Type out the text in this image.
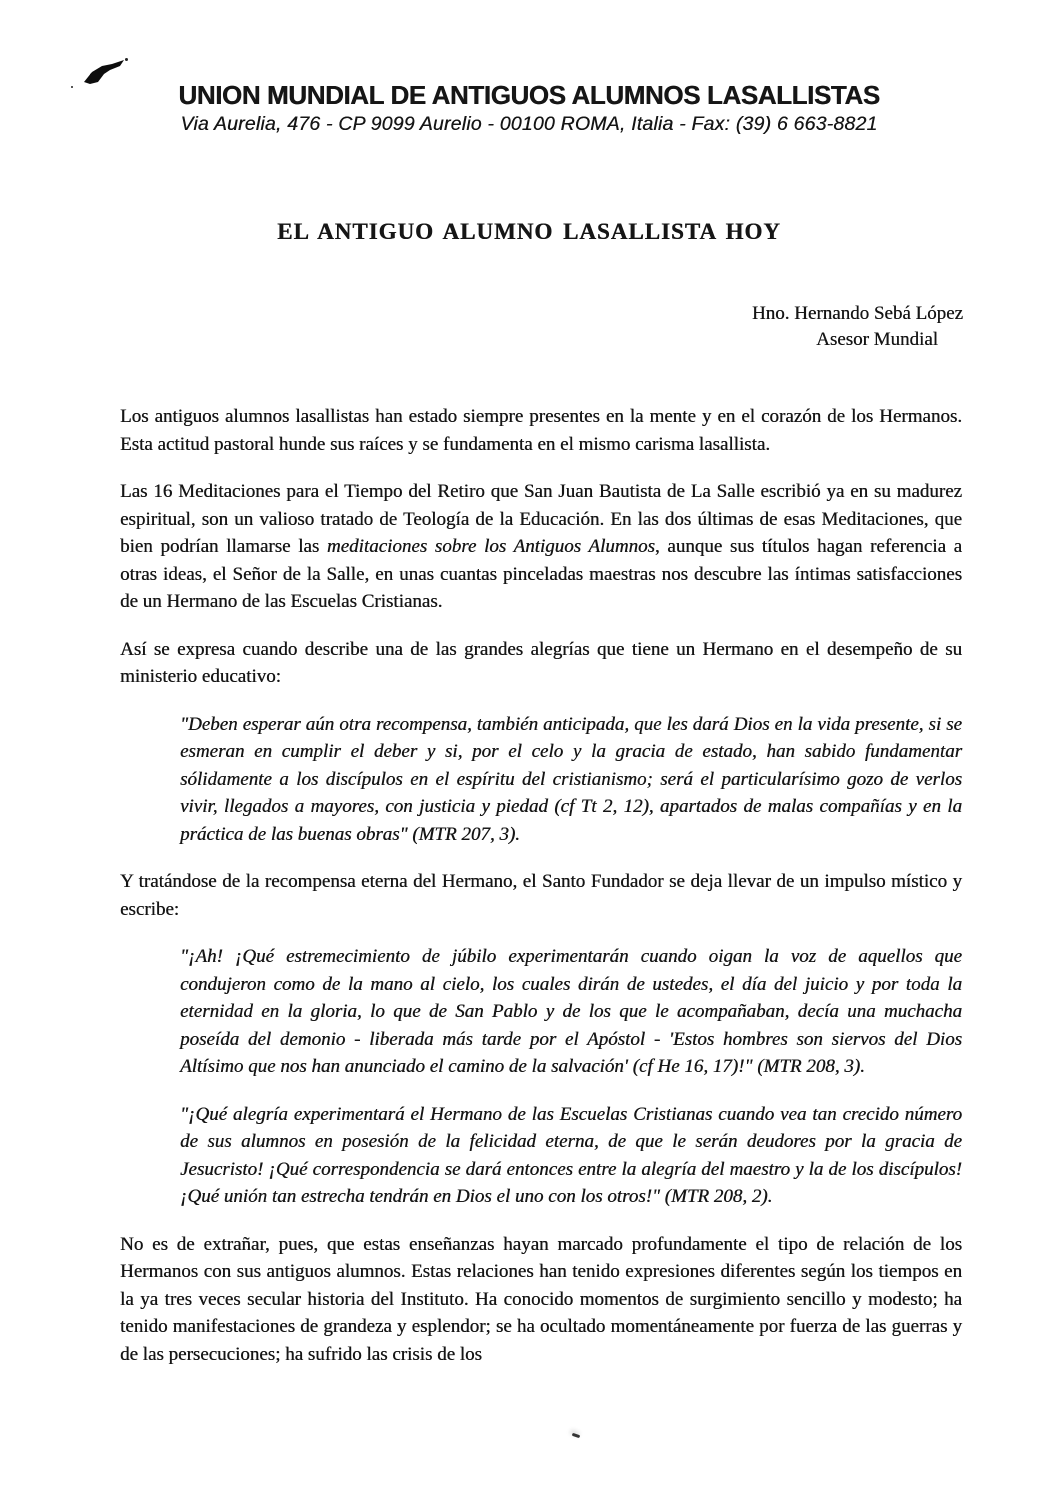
UNION MUNDIAL DE ANTIGUOS ALUMNOS LASALLISTAS
Via Aurelia, 476 - CP 9099 Aurelio - 00100 ROMA, Italia - Fax: (39) 6 663-8821
EL ANTIGUO ALUMNO LASALLISTA HOY
Hno. Hernando Sebá López
Asesor Mundial

Los antiguos alumnos lasallistas han estado siempre presentes en la mente y en el corazón de los Hermanos. Esta actitud pastoral hunde sus raíces y se fundamenta en el mismo carisma lasallista.

Las 16 Meditaciones para el Tiempo del Retiro que San Juan Bautista de La Salle escribió ya en su madurez espiritual, son un valioso tratado de Teología de la Educación. En las dos últimas de esas Meditaciones, que bien podrían llamarse las meditaciones sobre los Antiguos Alumnos, aunque sus títulos hagan referencia a otras ideas, el Señor de la Salle, en unas cuantas pinceladas maestras nos descubre las íntimas satisfacciones de un Hermano de las Escuelas Cristianas.

Así se expresa cuando describe una de las grandes alegrías que tiene un Hermano en el desempeño de su ministerio educativo:

"Deben esperar aún otra recompensa, también anticipada, que les dará Dios en la vida presente, si se esmeran en cumplir el deber y si, por el celo y la gracia de estado, han sabido fundamentar sólidamente a los discípulos en el espíritu del cristianismo; será el particularísimo gozo de verlos vivir, llegados a mayores, con justicia y piedad (cf Tt 2, 12), apartados de malas compañías y en la práctica de las buenas obras" (MTR 207, 3).

Y tratándose de la recompensa eterna del Hermano, el Santo Fundador se deja llevar de un impulso místico y escribe:

"¡Ah! ¡Qué estremecimiento de júbilo experimentarán cuando oigan la voz de aquellos que condujeron como de la mano al cielo, los cuales dirán de ustedes, el día del juicio y por toda la eternidad en la gloria, lo que de San Pablo y de los que le acompañaban, decía una muchacha poseída del demonio - liberada más tarde por el Apóstol - 'Estos hombres son siervos del Dios Altísimo que nos han anunciado el camino de la salvación' (cf He 16, 17)!" (MTR 208, 3).
"¡Qué alegría experimentará el Hermano de las Escuelas Cristianas cuando vea tan crecido número de sus alumnos en posesión de la felicidad eterna, de que le serán deudores por la gracia de Jesucristo! ¡Qué correspondencia se dará entonces entre la alegría del maestro y la de los discípulos! ¡Qué unión tan estrecha tendrán en Dios el uno con los otros!" (MTR 208, 2).

No es de extrañar, pues, que estas enseñanzas hayan marcado profundamente el tipo de relación de los Hermanos con sus antiguos alumnos. Estas relaciones han tenido expresiones diferentes según los tiempos en la ya tres veces secular historia del Instituto. Ha conocido momentos de surgimiento sencillo y modesto; ha tenido manifestaciones de grandeza y esplendor; se ha ocultado momentáneamente por fuerza de las guerras y de las persecuciones; ha sufrido las crisis de los
